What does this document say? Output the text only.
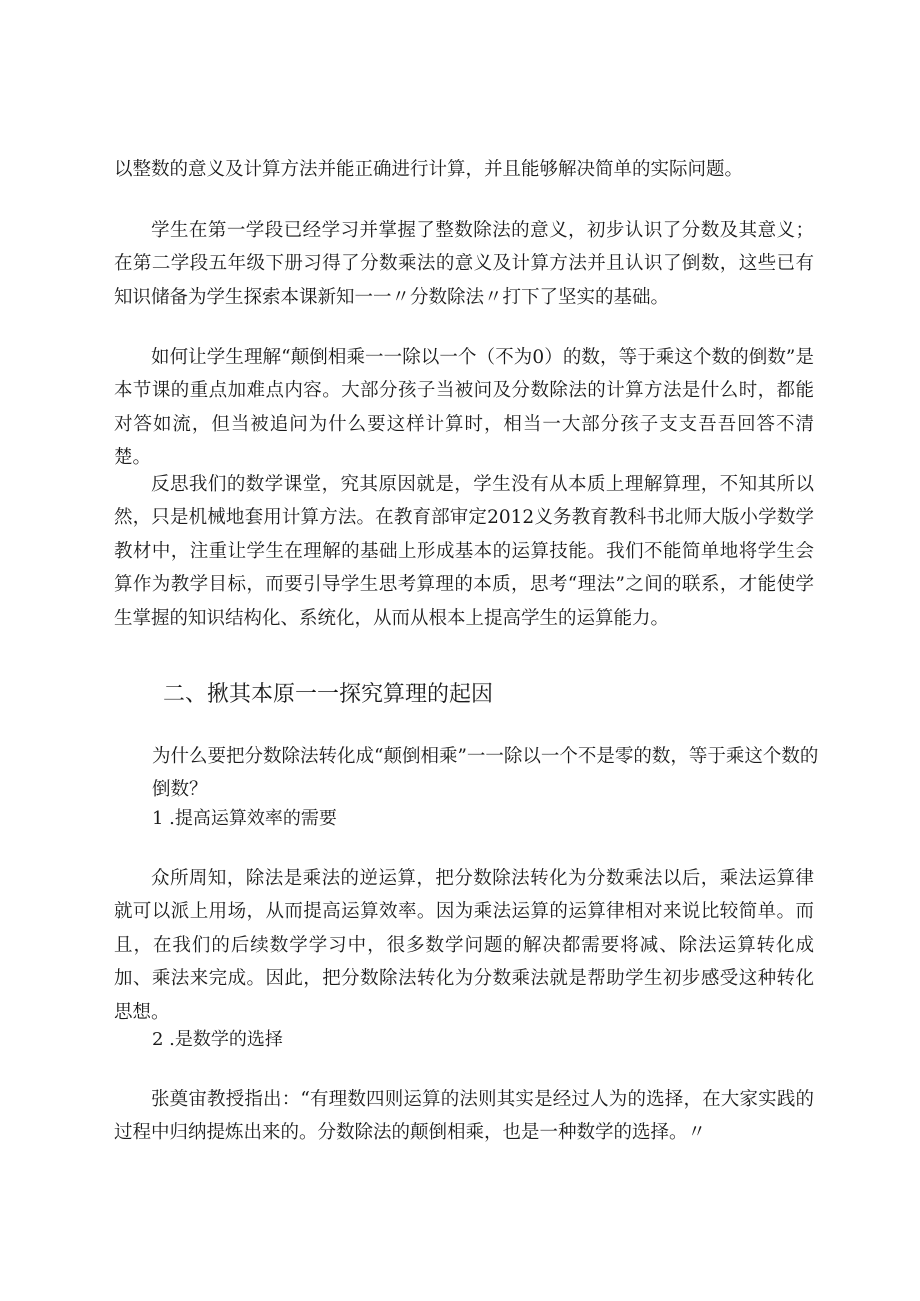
以整数的意义及计算方法并能正确进行计算，并且能够解决简单的实际问题。

学生在第一学段已经学习并掌握了整数除法的意义，初步认识了分数及其意义；在第二学段五年级下册习得了分数乘法的意义及计算方法并且认识了倒数，这些已有知识储备为学生探索本课新知一一〃分数除法〃打下了坚实的基础。

如何让学生理解“颠倒相乘一一除以一个（不为0）的数，等于乘这个数的倒数”是本节课的重点加难点内容。大部分孩子当被问及分数除法的计算方法是什么时，都能对答如流，但当被追问为什么要这样计算时，相当一大部分孩子支支吾吾回答不清楚。

反思我们的数学课堂，究其原因就是，学生没有从本质上理解算理，不知其所以然，只是机械地套用计算方法。在教育部审定2012义务教育教科书北师大版小学数学教材中，注重让学生在理解的基础上形成基本的运算技能。我们不能简单地将学生会算作为教学目标，而要引导学生思考算理的本质，思考“理法”之间的联系，才能使学生掌握的知识结构化、系统化，从而从根本上提高学生的运算能力。

二、揪其本原一一探究算理的起因

为什么要把分数除法转化成“颠倒相乘”一一除以一个不是零的数，等于乘这个数的倒数？

1 .提高运算效率的需要

众所周知，除法是乘法的逆运算，把分数除法转化为分数乘法以后，乘法运算律就可以派上用场，从而提高运算效率。因为乘法运算的运算律相对来说比较简单。而且，在我们的后续数学学习中，很多数学问题的解决都需要将减、除法运算转化成加、乘法来完成。因此，把分数除法转化为分数乘法就是帮助学生初步感受这种转化思想。

2 .是数学的选择

张奠宙教授指出：“有理数四则运算的法则其实是经过人为的选择，在大家实践的过程中归纳提炼出来的。分数除法的颠倒相乘，也是一种数学的选择。〃
